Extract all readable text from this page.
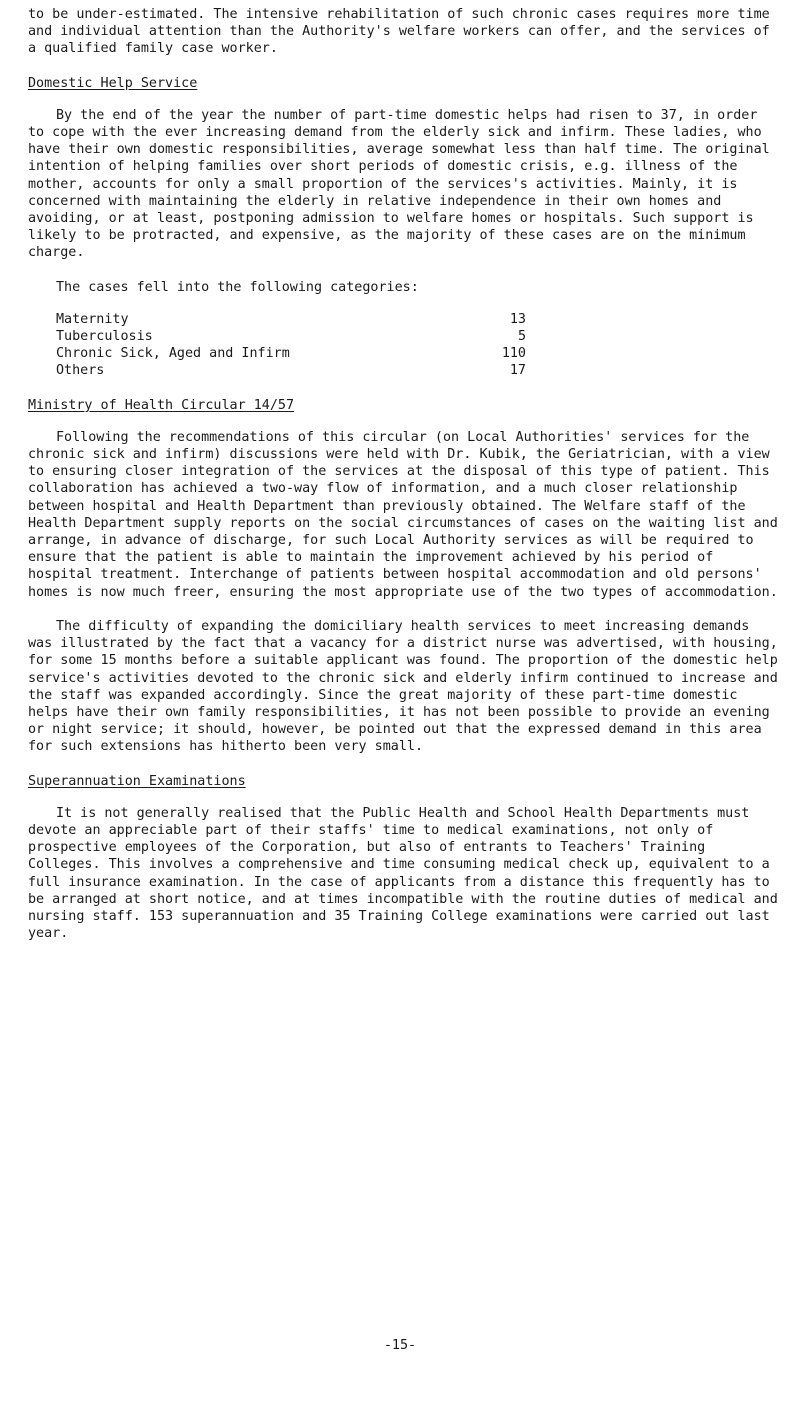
to be under-estimated. The intensive rehabilitation of such chronic cases requires more time and individual attention than the Authority's welfare workers can offer, and the services of a qualified family case worker.

Domestic Help Service

By the end of the year the number of part-time domestic helps had risen to 37, in order to cope with the ever increasing demand from the elderly sick and infirm. These ladies, who have their own domestic responsibilities, average somewhat less than half time. The original intention of helping families over short periods of domestic crisis, e.g. illness of the mother, accounts for only a small proportion of the services's activities. Mainly, it is concerned with maintaining the elderly in relative independence in their own homes and avoiding, or at least, postponing admission to welfare homes or hospitals. Such support is likely to be protracted, and expensive, as the majority of these cases are on the minimum charge.

The cases fell into the following categories:

Maternity	13
Tuberculosis	5
Chronic Sick, Aged and Infirm	110
Others	17

Ministry of Health Circular 14/57

Following the recommendations of this circular (on Local Authorities' services for the chronic sick and infirm) discussions were held with Dr. Kubik, the Geriatrician, with a view to ensuring closer integration of the services at the disposal of this type of patient. This collaboration has achieved a two-way flow of information, and a much closer relationship between hospital and Health Department than previously obtained. The Welfare staff of the Health Department supply reports on the social circumstances of cases on the waiting list and arrange, in advance of discharge, for such Local Authority services as will be required to ensure that the patient is able to maintain the improvement achieved by his period of hospital treatment. Interchange of patients between hospital accommodation and old persons' homes is now much freer, ensuring the most appropriate use of the two types of accommodation.

The difficulty of expanding the domiciliary health services to meet increasing demands was illustrated by the fact that a vacancy for a district nurse was advertised, with housing, for some 15 months before a suitable applicant was found. The proportion of the domestic help service's activities devoted to the chronic sick and elderly infirm continued to increase and the staff was expanded accordingly. Since the great majority of these part-time domestic helps have their own family responsibilities, it has not been possible to provide an evening or night service; it should, however, be pointed out that the expressed demand in this area for such extensions has hitherto been very small.

Superannuation Examinations

It is not generally realised that the Public Health and School Health Departments must devote an appreciable part of their staffs' time to medical examinations, not only of prospective employees of the Corporation, but also of entrants to Teachers' Training Colleges. This involves a comprehensive and time consuming medical check up, equivalent to a full insurance examination. In the case of applicants from a distance this frequently has to be arranged at short notice, and at times incompatible with the routine duties of medical and nursing staff. 153 superannuation and 35 Training College examinations were carried out last year.

-15-
